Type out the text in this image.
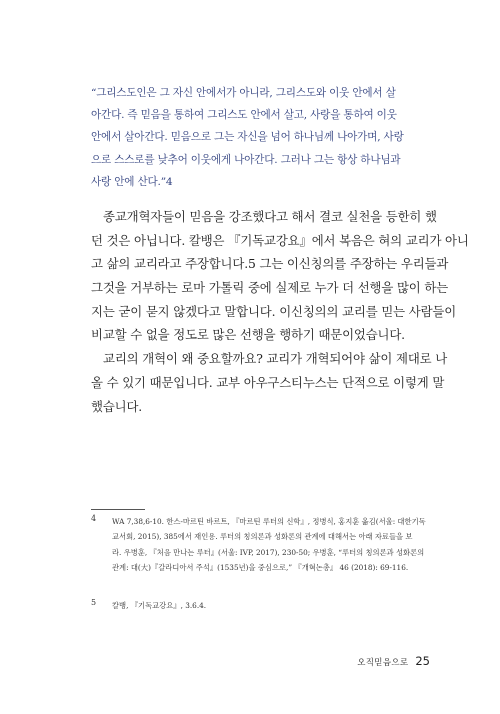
“그리스도인은 그 자신 안에서가 아니라, 그리스도와 이웃 안에서 살
아간다. 즉 믿음을 통하여 그리스도 안에서 살고, 사랑을 통하여 이웃
안에서 살아간다. 믿음으로 그는 자신을 넘어 하나님께 나아가며, 사랑
으로 스스로를 낮추어 이웃에게 나아간다. 그러나 그는 항상 하나님과
사랑 안에 산다.”4
종교개혁자들이 믿음을 강조했다고 해서 결코 실천을 등한히 했
던 것은 아닙니다. 칼뱅은 『기독교강요』에서 복음은 혀의 교리가 아니
고 삶의 교리라고 주장합니다.5 그는 이신칭의를 주장하는 우리들과
그것을 거부하는 로마 가톨릭 중에 실제로 누가 더 선행을 많이 하는
지는 굳이 묻지 않겠다고 말합니다. 이신칭의의 교리를 믿는 사람들이
비교할 수 없을 정도로 많은 선행을 행하기 때문이었습니다.
교리의 개혁이 왜 중요할까요? 교리가 개혁되어야 삶이 제대로 나
올 수 있기 때문입니다. 교부 아우구스티누스는 단적으로 이렇게 말
했습니다.
4 WA 7,38,6-10. 한스-마르틴 바르트, 『마르틴 루터의 신학』, 정병식, 홍지훈 옮김(서울: 대한기독
교서회, 2015), 385에서 재인용. 루터의 칭의론과 성화론의 관계에 대해서는 아래 자료들을 보
라. 우병훈, 『처음 만나는 루터』(서울: IVP, 2017), 230-50; 우병훈, “루터의 칭의론과 성화론의
관계: 대(大)『갈라디아서 주석』(1535년)을 중심으로,” 『개혁논총』 46 (2018): 69-116.
5 칼뱅, 『기독교강요』, 3.6.4.
오직믿음으로 25
